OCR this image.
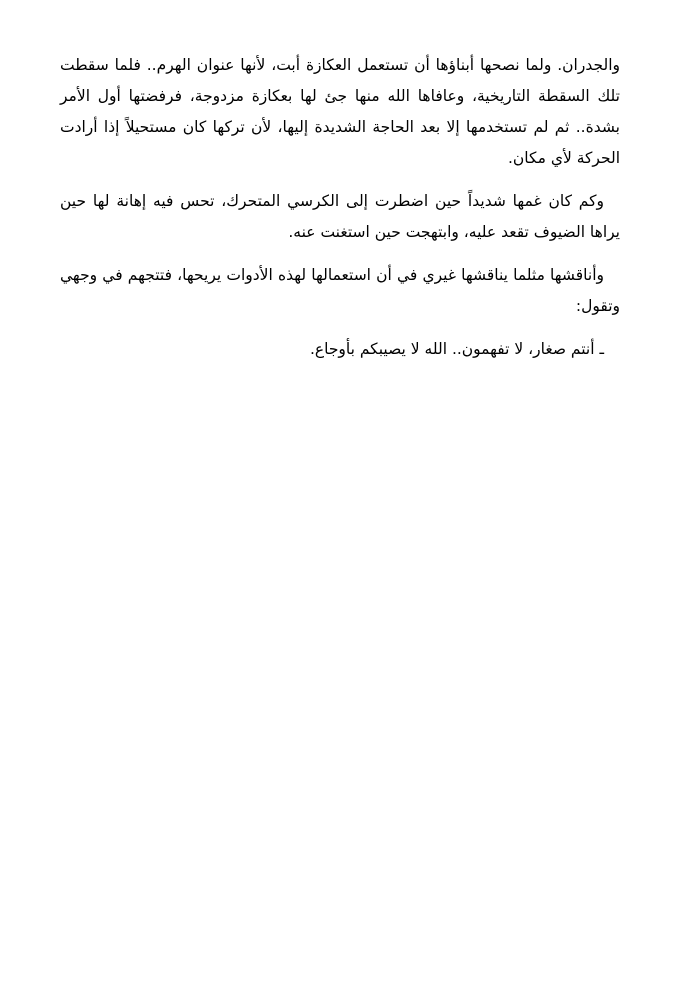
والجدران. ولما نصحها أبناؤها أن تستعمل العكازة أبت، لأنها عنوان الهرم.. فلما سقطت تلك السقطة التاريخية، وعافاها الله منها جئ لها بعكازة مزدوجة، فرفضتها أول الأمر بشدة.. ثم لم تستخدمها إلا بعد الحاجة الشديدة إليها، لأن تركها كان مستحيلاً إذا أرادت الحركة لأي مكان.

وكم كان غمها شديداً حين اضطرت إلى الكرسي المتحرك، تحس فيه إهانة لها حين يراها الضيوف تقعد عليه، وابتهجت حين استغنت عنه.

وأناقشها مثلما يناقشها غيري في أن استعمالها لهذه الأدوات يريحها، فتتجهم في وجهي وتقول:

ـ أنتم صغار، لا تفهمون.. الله لا يصيبكم بأوجاع.
